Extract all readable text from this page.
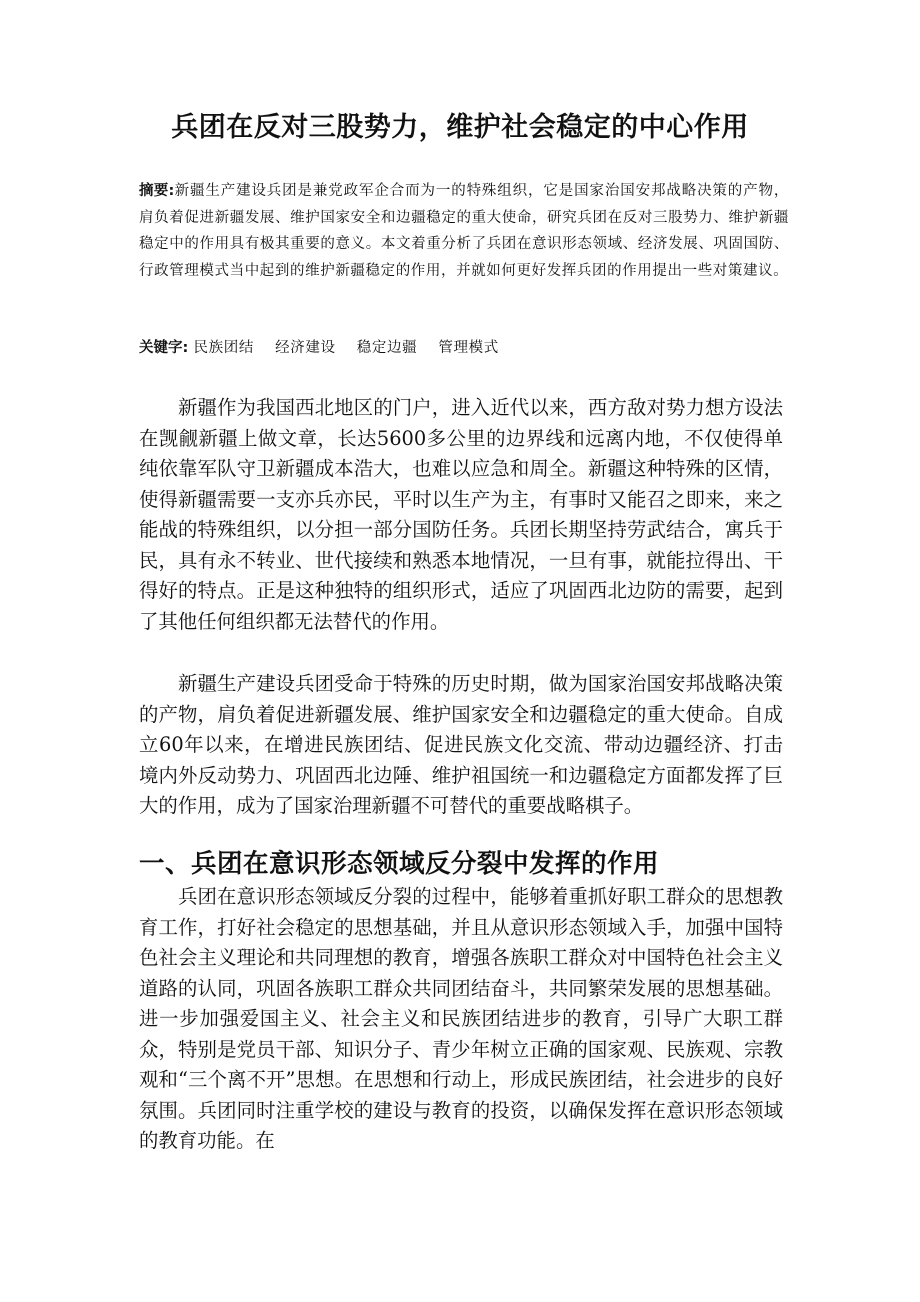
兵团在反对三股势力，维护社会稳定的中心作用
摘要:新疆生产建设兵团是兼党政军企合而为一的特殊组织，它是国家治国安邦战略决策的产物，肩负着促进新疆发展、维护国家安全和边疆稳定的重大使命，研究兵团在反对三股势力、维护新疆稳定中的作用具有极其重要的意义。本文着重分析了兵团在意识形态领域、经济发展、巩固国防、行政管理模式当中起到的维护新疆稳定的作用，并就如何更好发挥兵团的作用提出一些对策建议。
关键字: 民族团结 经济建设 稳定边疆 管理模式
新疆作为我国西北地区的门户，进入近代以来，西方敌对势力想方设法在觊觎新疆上做文章，长达5600多公里的边界线和远离内地，不仅使得单纯依靠军队守卫新疆成本浩大，也难以应急和周全。新疆这种特殊的区情，使得新疆需要一支亦兵亦民，平时以生产为主，有事时又能召之即来，来之能战的特殊组织，以分担一部分国防任务。兵团长期坚持劳武结合，寓兵于民，具有永不转业、世代接续和熟悉本地情况，一旦有事，就能拉得出、干得好的特点。正是这种独特的组织形式，适应了巩固西北边防的需要，起到了其他任何组织都无法替代的作用。
新疆生产建设兵团受命于特殊的历史时期，做为国家治国安邦战略决策的产物，肩负着促进新疆发展、维护国家安全和边疆稳定的重大使命。自成立60年以来，在增进民族团结、促进民族文化交流、带动边疆经济、打击境内外反动势力、巩固西北边陲、维护祖国统一和边疆稳定方面都发挥了巨大的作用，成为了国家治理新疆不可替代的重要战略棋子。
一、兵团在意识形态领域反分裂中发挥的作用
兵团在意识形态领域反分裂的过程中，能够着重抓好职工群众的思想教育工作，打好社会稳定的思想基础，并且从意识形态领域入手，加强中国特色社会主义理论和共同理想的教育，增强各族职工群众对中国特色社会主义道路的认同，巩固各族职工群众共同团结奋斗，共同繁荣发展的思想基础。进一步加强爱国主义、社会主义和民族团结进步的教育，引导广大职工群众，特别是党员干部、知识分子、青少年树立正确的国家观、民族观、宗教观和“三个离不开”思想。在思想和行动上，形成民族团结，社会进步的良好氛围。兵团同时注重学校的建设与教育的投资，以确保发挥在意识形态领域的教育功能。在
